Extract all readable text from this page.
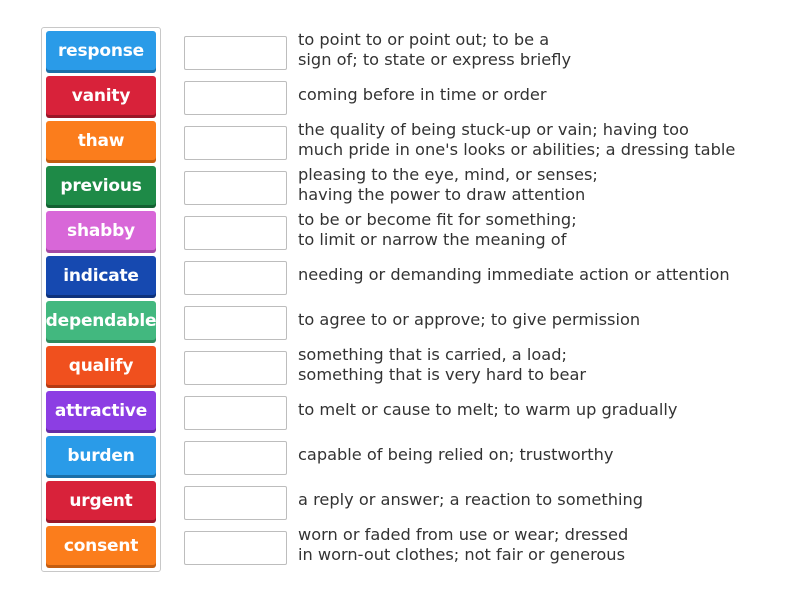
response
vanity
thaw
previous
shabby
indicate
dependable
qualify
attractive
burden
urgent
consent
to point to or point out; to be a
sign of; to state or express briefly
coming before in time or order
the quality of being stuck-up or vain; having too
much pride in one's looks or abilities; a dressing table
pleasing to the eye, mind, or senses;
having the power to draw attention
to be or become fit for something;
to limit or narrow the meaning of
needing or demanding immediate action or attention
to agree to or approve; to give permission
something that is carried, a load;
something that is very hard to bear
to melt or cause to melt; to warm up gradually
capable of being relied on; trustworthy
a reply or answer; a reaction to something
worn or faded from use or wear; dressed
in worn-out clothes; not fair or generous
